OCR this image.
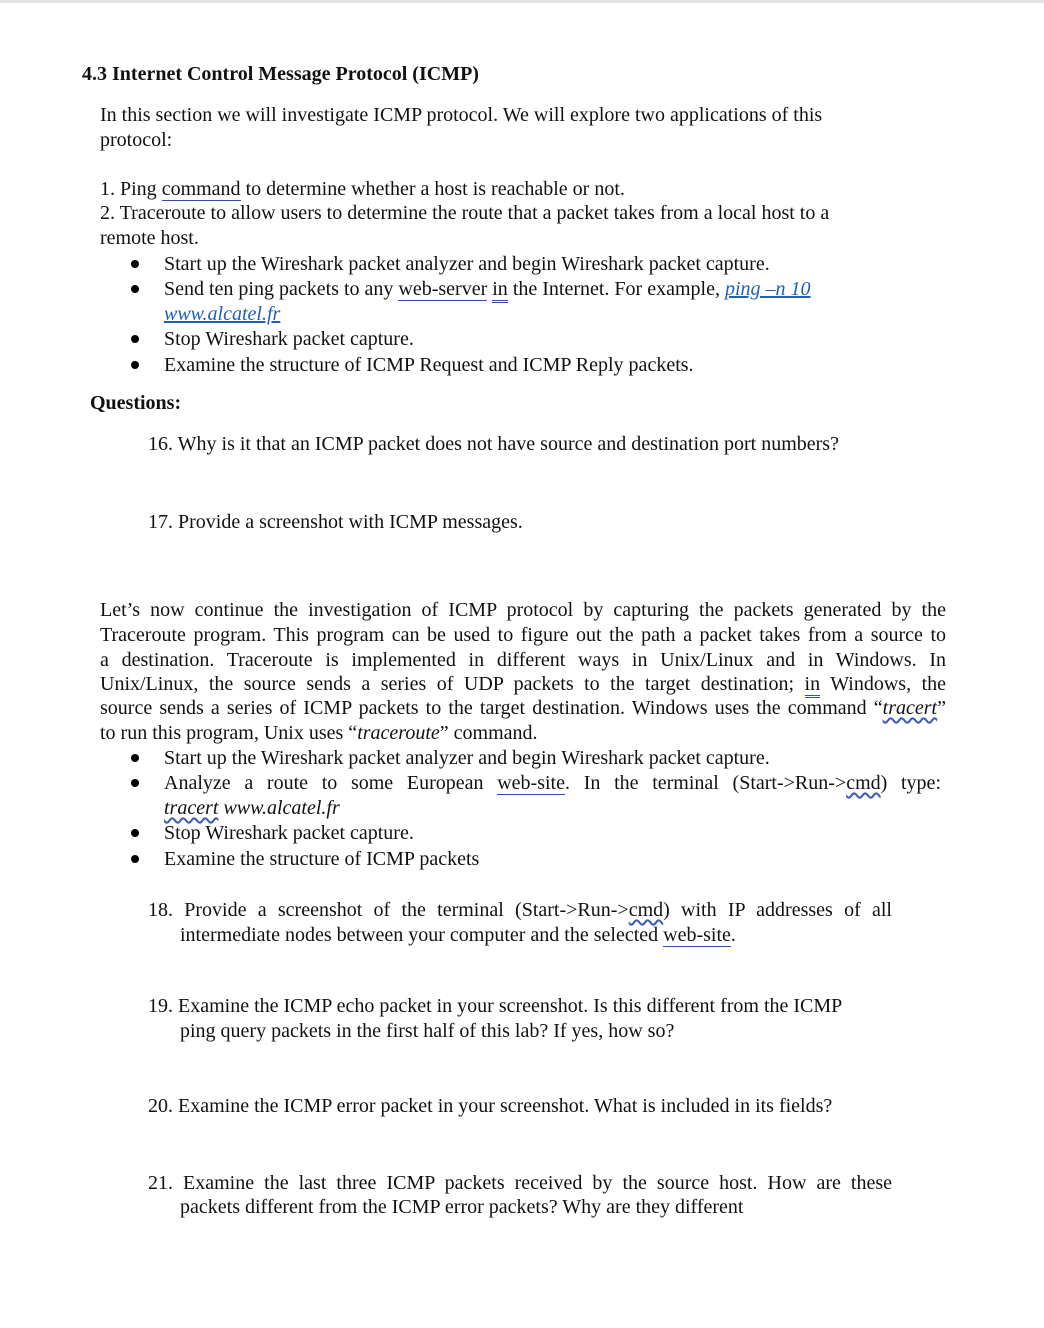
4.3 Internet Control Message Protocol (ICMP)
In this section we will investigate ICMP protocol. We will explore two applications of this
protocol:
1. Ping command to determine whether a host is reachable or not.
2. Traceroute to allow users to determine the route that a packet takes from a local host to a
remote host.
Start up the Wireshark packet analyzer and begin Wireshark packet capture.
Send ten ping packets to any web-server in the Internet. For example, ping –n 10
www.alcatel.fr
Stop Wireshark packet capture.
Examine the structure of ICMP Request and ICMP Reply packets.
Questions:
16. Why is it that an ICMP packet does not have source and destination port numbers?
17. Provide a screenshot with ICMP messages.
Let’s now continue the investigation of ICMP protocol by capturing the packets generated by the
Traceroute program. This program can be used to figure out the path a packet takes from a source to
a destination. Traceroute is implemented in different ways in Unix/Linux and in Windows. In
Unix/Linux, the source sends a series of UDP packets to the target destination; in Windows, the
source sends a series of ICMP packets to the target destination. Windows uses the command “tracert”
to run this program, Unix uses “traceroute” command.
Start up the Wireshark packet analyzer and begin Wireshark packet capture.
Analyze a route to some European web-site. In the terminal (Start->Run->cmd) type:
tracert www.alcatel.fr
Stop Wireshark packet capture.
Examine the structure of ICMP packets
18. Provide a screenshot of the terminal (Start->Run->cmd) with IP addresses of all
intermediate nodes between your computer and the selected web-site.
19. Examine the ICMP echo packet in your screenshot. Is this different from the ICMP
ping query packets in the first half of this lab? If yes, how so?
20. Examine the ICMP error packet in your screenshot. What is included in its fields?
21. Examine the last three ICMP packets received by the source host. How are these
packets different from the ICMP error packets? Why are they different
